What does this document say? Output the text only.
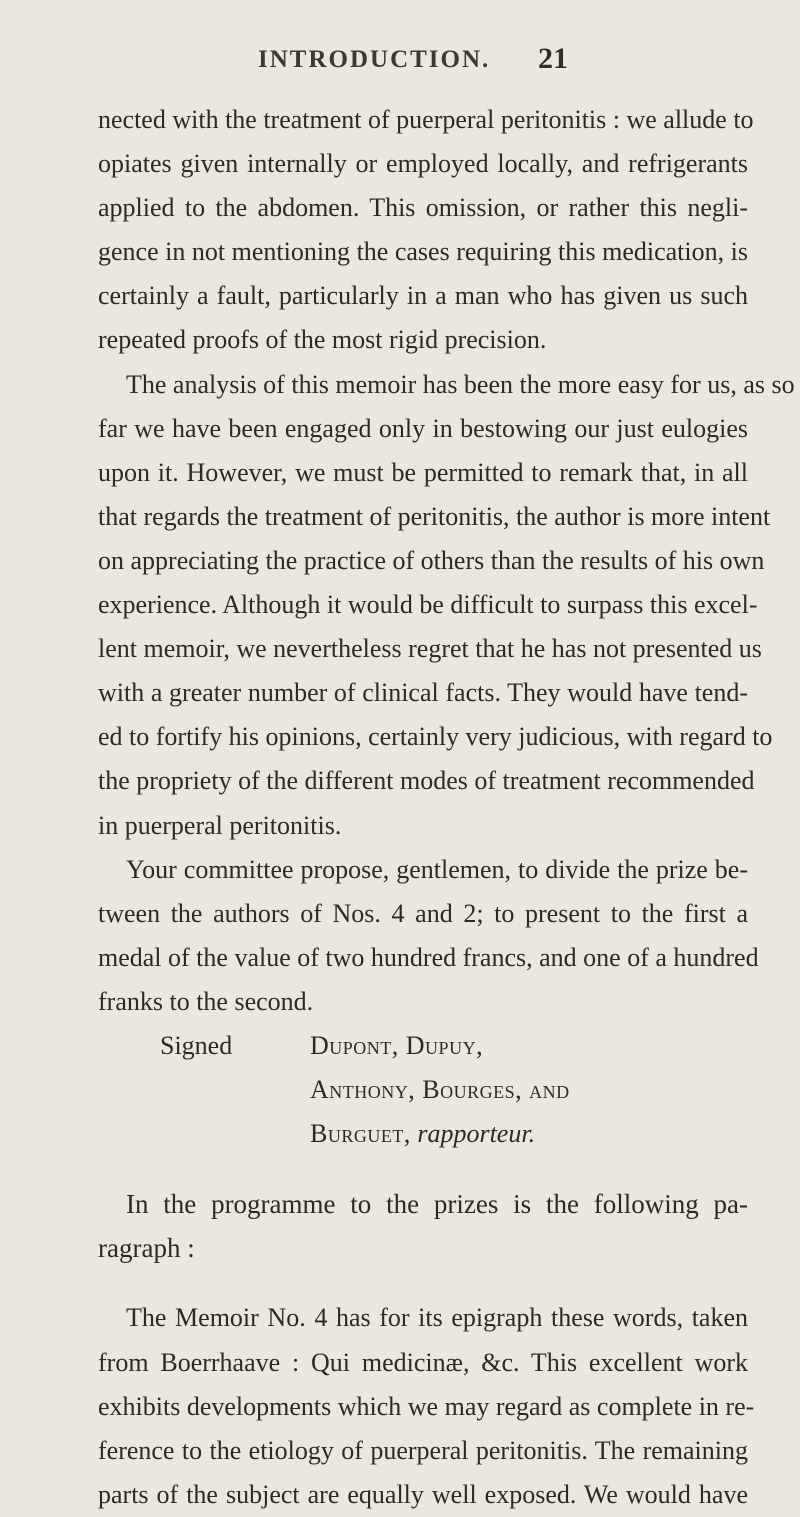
INTRODUCTION. 21
nected with the treatment of puerperal peritonitis : we allude to
opiates given internally or employed locally, and refrigerants
applied to the abdomen. This omission, or rather this negli-
gence in not mentioning the cases requiring this medication, is
certainly a fault, particularly in a man who has given us such
repeated proofs of the most rigid precision.
The analysis of this memoir has been the more easy for us, as so
far we have been engaged only in bestowing our just eulogies
upon it. However, we must be permitted to remark that, in all
that regards the treatment of peritonitis, the author is more intent
on appreciating the practice of others than the results of his own
experience. Although it would be difficult to surpass this excel-
lent memoir, we nevertheless regret that he has not presented us
with a greater number of clinical facts. They would have tend-
ed to fortify his opinions, certainly very judicious, with regard to
the propriety of the different modes of treatment recommended
in puerperal peritonitis.
Your committee propose, gentlemen, to divide the prize be-
tween the authors of Nos. 4 and 2; to present to the first a
medal of the value of two hundred francs, and one of a hundred
franks to the second.
Signed	Dupont, Dupuy,
Anthony, Bourges, and
Burguet, rapporteur.
In the programme to the prizes is the following pa-
ragraph :
The Memoir No. 4 has for its epigraph these words, taken
from Boerrhaave : Qui medicinæ, &c. This excellent work
exhibits developments which we may regard as complete in re-
ference to the etiology of puerperal peritonitis. The remaining
parts of the subject are equally well exposed. We would have
